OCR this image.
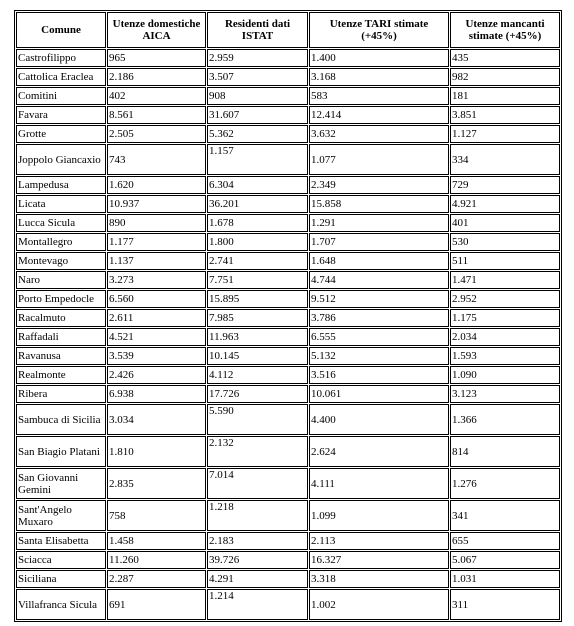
Comune	Utenze domestiche AICA	Residenti dati ISTAT	Utenze TARI stimate (+45%)	Utenze mancanti stimate (+45%)
Castrofilippo	965	2.959	1.400	435
Cattolica Eraclea	2.186	3.507	3.168	982
Comitini	402	908	583	181
Favara	8.561	31.607	12.414	3.851
Grotte	2.505	5.362	3.632	1.127
Joppolo Giancaxio	743	1.157	1.077	334
Lampedusa	1.620	6.304	2.349	729
Licata	10.937	36.201	15.858	4.921
Lucca Sicula	890	1.678	1.291	401
Montallegro	1.177	1.800	1.707	530
Montevago	1.137	2.741	1.648	511
Naro	3.273	7.751	4.744	1.471
Porto Empedocle	6.560	15.895	9.512	2.952
Racalmuto	2.611	7.985	3.786	1.175
Raffadali	4.521	11.963	6.555	2.034
Ravanusa	3.539	10.145	5.132	1.593
Realmonte	2.426	4.112	3.516	1.090
Ribera	6.938	17.726	10.061	3.123
Sambuca di Sicilia	3.034	5.590	4.400	1.366
San Biagio Platani	1.810	2.132	2.624	814
San Giovanni Gemini	2.835	7.014	4.111	1.276
Sant'Angelo Muxaro	758	1.218	1.099	341
Santa Elisabetta	1.458	2.183	2.113	655
Sciacca	11.260	39.726	16.327	5.067
Siciliana	2.287	4.291	3.318	1.031
Villafranca Sicula	691	1.214	1.002	311
